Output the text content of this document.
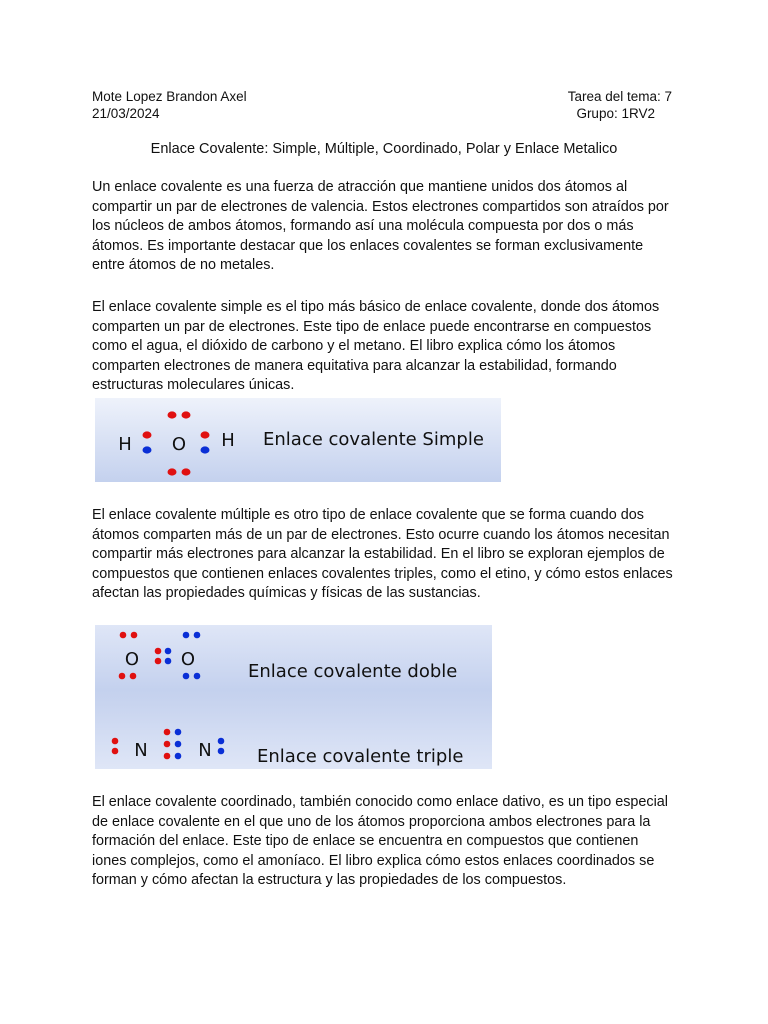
Mote Lopez Brandon Axel
21/03/2024
Tarea del tema: 7
Grupo: 1RV2
Enlace Covalente: Simple, Múltiple, Coordinado, Polar y Enlace Metalico

Un enlace covalente es una fuerza de atracción que mantiene unidos dos átomos al compartir un par de electrones de valencia. Estos electrones compartidos son atraídos por los núcleos de ambos átomos, formando así una molécula compuesta por dos o más átomos. Es importante destacar que los enlaces covalentes se forman exclusivamente entre átomos de no metales.

El enlace covalente simple es el tipo más básico de enlace covalente, donde dos átomos comparten un par de electrones. Este tipo de enlace puede encontrarse en compuestos como el agua, el dióxido de carbono y el metano. El libro explica cómo los átomos comparten electrones de manera equitativa para alcanzar la estabilidad, formando estructuras moleculares únicas.

H O H Enlace covalente Simple

El enlace covalente múltiple es otro tipo de enlace covalente que se forma cuando dos átomos comparten más de un par de electrones. Esto ocurre cuando los átomos necesitan compartir más electrones para alcanzar la estabilidad. En el libro se exploran ejemplos de compuestos que contienen enlaces covalentes triples, como el etino, y cómo estos enlaces afectan las propiedades químicas y físicas de las sustancias.

O O
Enlace covalente doble
N	N	Enlace covalente triple

El enlace covalente coordinado, también conocido como enlace dativo, es un tipo especial de enlace covalente en el que uno de los átomos proporciona ambos electrones para la formación del enlace. Este tipo de enlace se encuentra en compuestos que contienen iones complejos, como el amoníaco. El libro explica cómo estos enlaces coordinados se forman y cómo afectan la estructura y las propiedades de los compuestos.
